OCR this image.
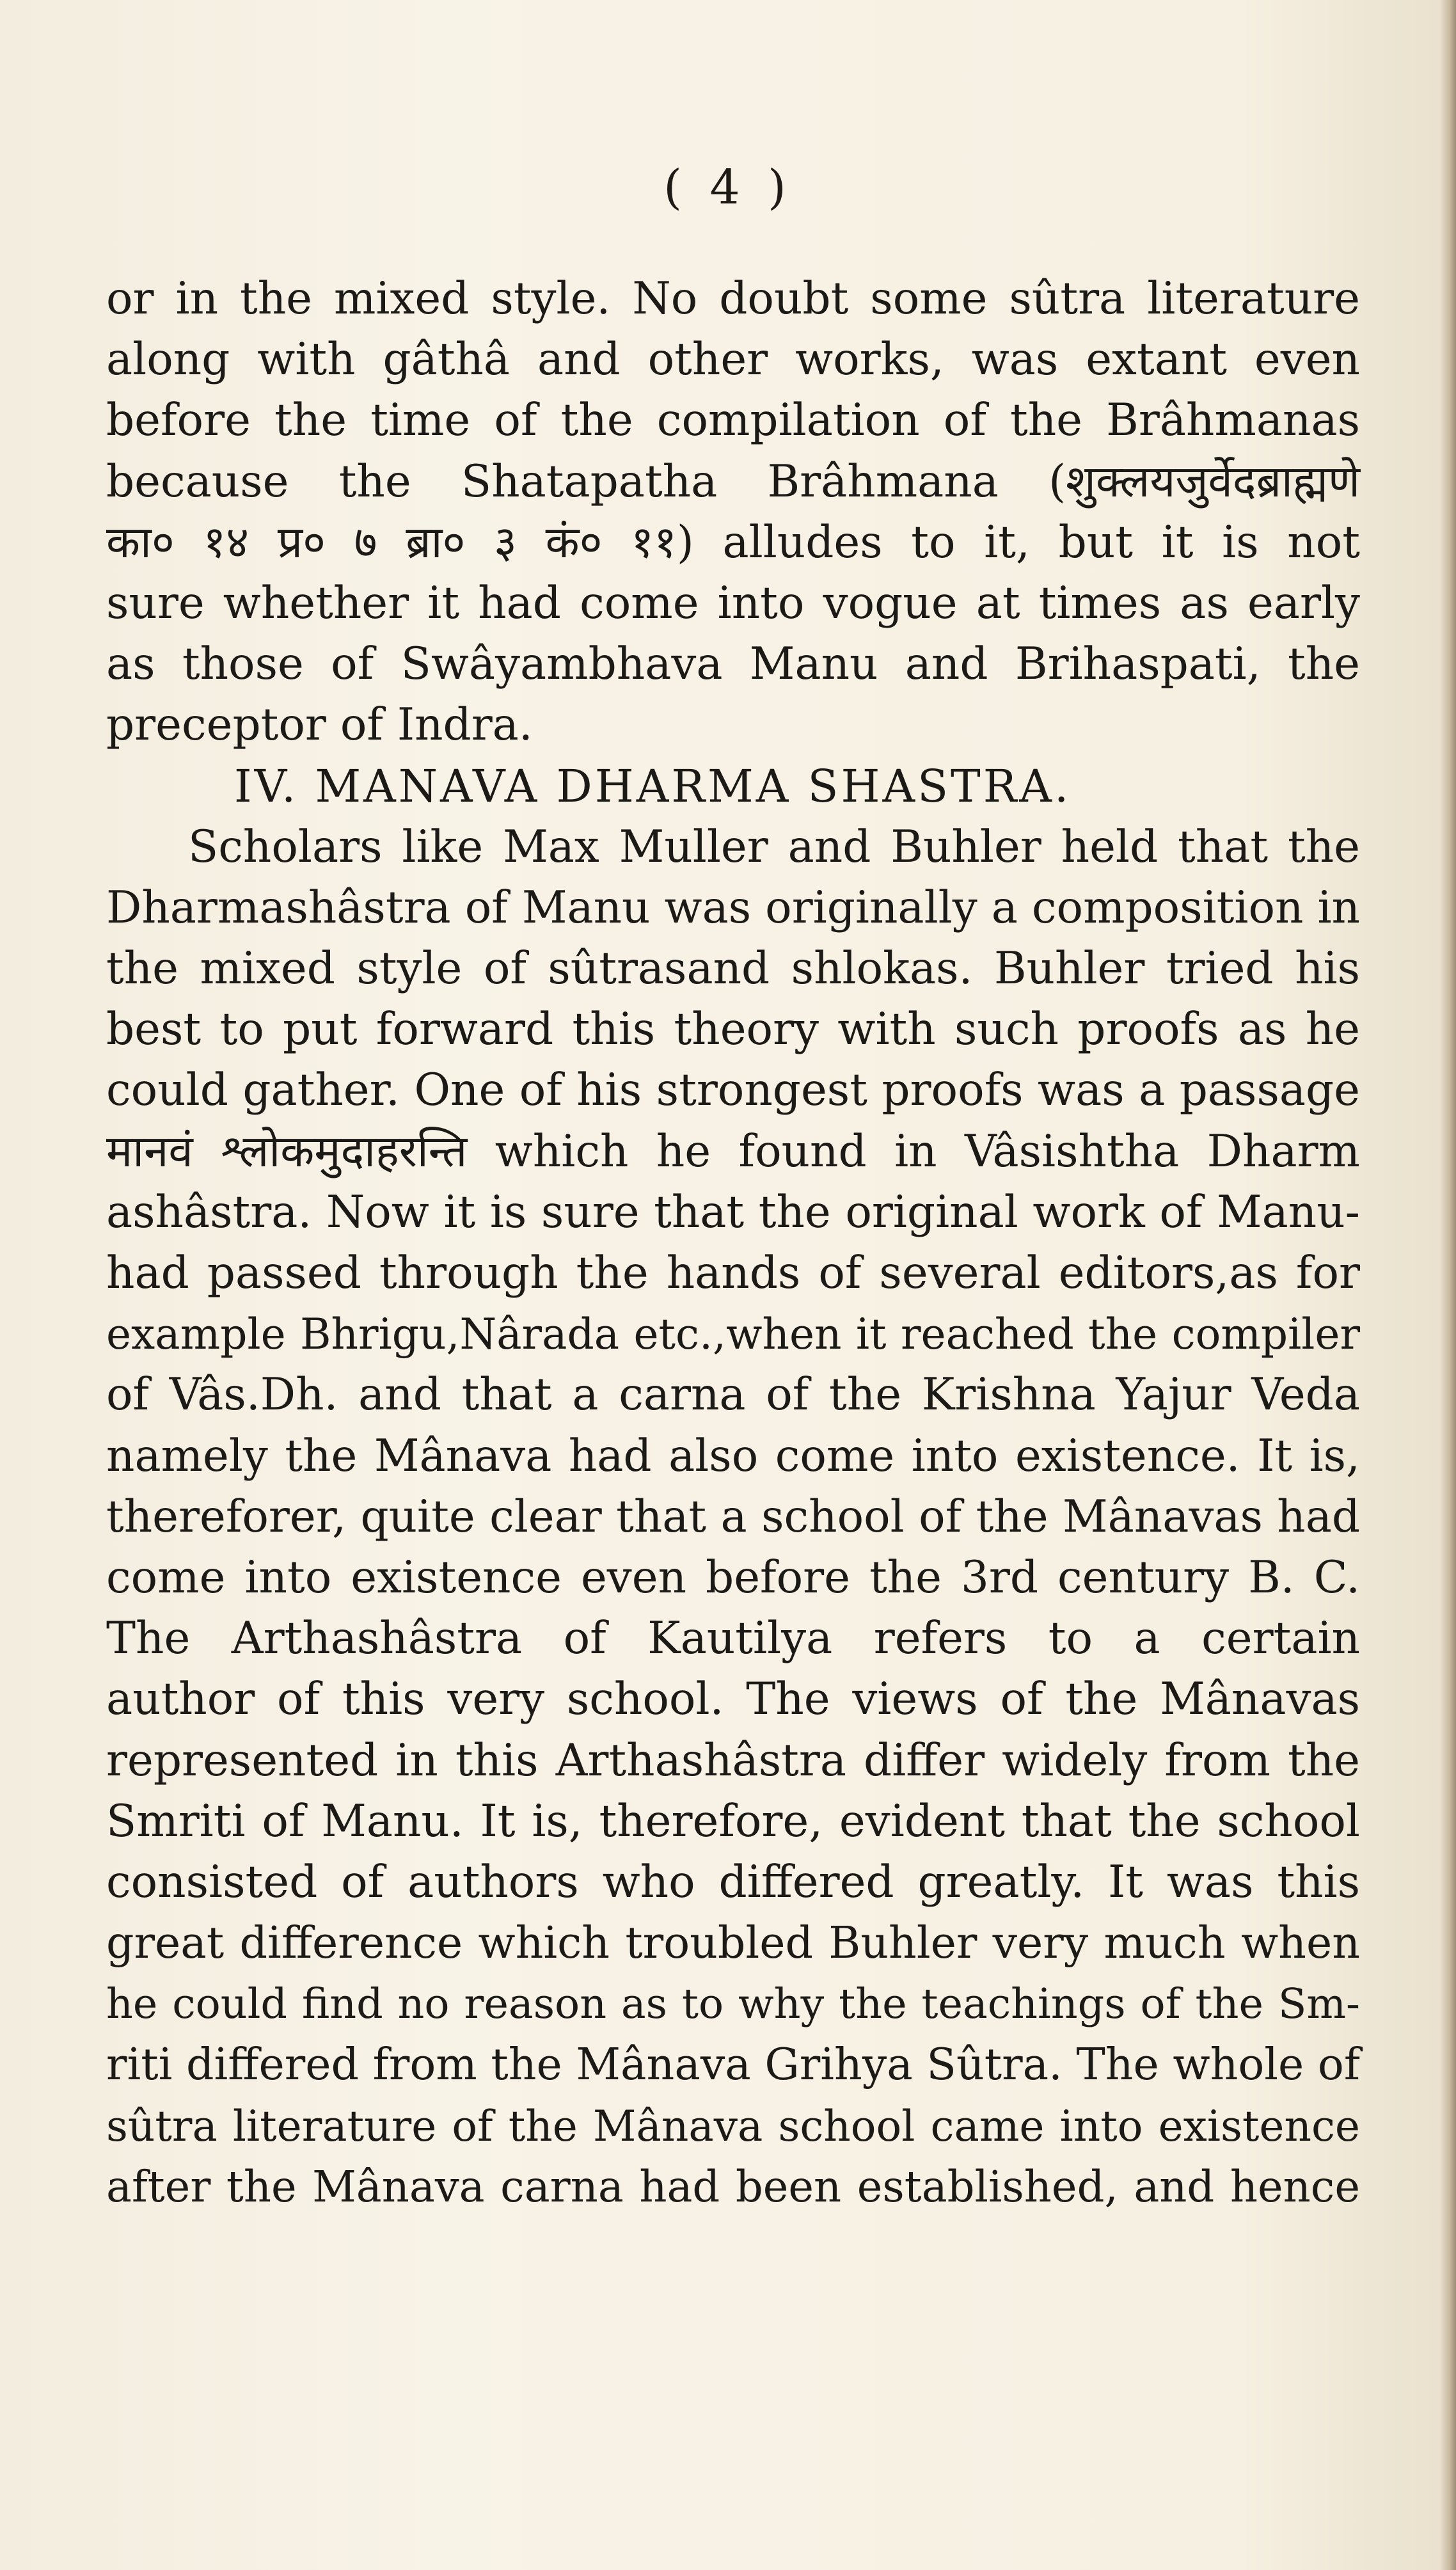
( 4 )
or in the mixed style. No doubt some sûtra literature
along with gâthâ and other works, was extant even
before the time of the compilation of the Brâhmanas
because the Shatapatha Brâhmana (शुक्लयजुर्वेदब्राह्मणे
का० १४ प्र० ७ ब्रा० ३ कं० ११) alludes to it, but it is not
sure whether it had come into vogue at times as early
as those of Swâyambhava Manu and Brihaspati, the
preceptor of Indra.
IV. MANAVA DHARMA SHASTRA.
Scholars like Max Muller and Buhler held that the
Dharmashâstra of Manu was originally a composition in
the mixed style of sûtrasand shlokas. Buhler tried his
best to put forward this theory with such proofs as he
could gather. One of his strongest proofs was a passage
मानवं श्लोकमुदाहरन्ति which he found in Vâsishtha Dharm
ashâstra. Now it is sure that the original work of Manu-
had passed through the hands of several editors,as for
example Bhrigu,Nârada etc.,when it reached the compiler
of Vâs.Dh. and that a carna of the Krishna Yajur Veda
namely the Mânava had also come into existence. It is,
thereforer, quite clear that a school of the Mânavas had
come into existence even before the 3rd century B. C.
The Arthashâstra of Kautilya refers to a certain
author of this very school. The views of the Mânavas
represented in this Arthashâstra differ widely from the
Smriti of Manu. It is, therefore, evident that the school
consisted of authors who differed greatly. It was this
great difference which troubled Buhler very much when
he could find no reason as to why the teachings of the Sm-
riti differed from the Mânava Grihya Sûtra. The whole of
sûtra literature of the Mânava school came into existence
after the Mânava carna had been established, and hence
